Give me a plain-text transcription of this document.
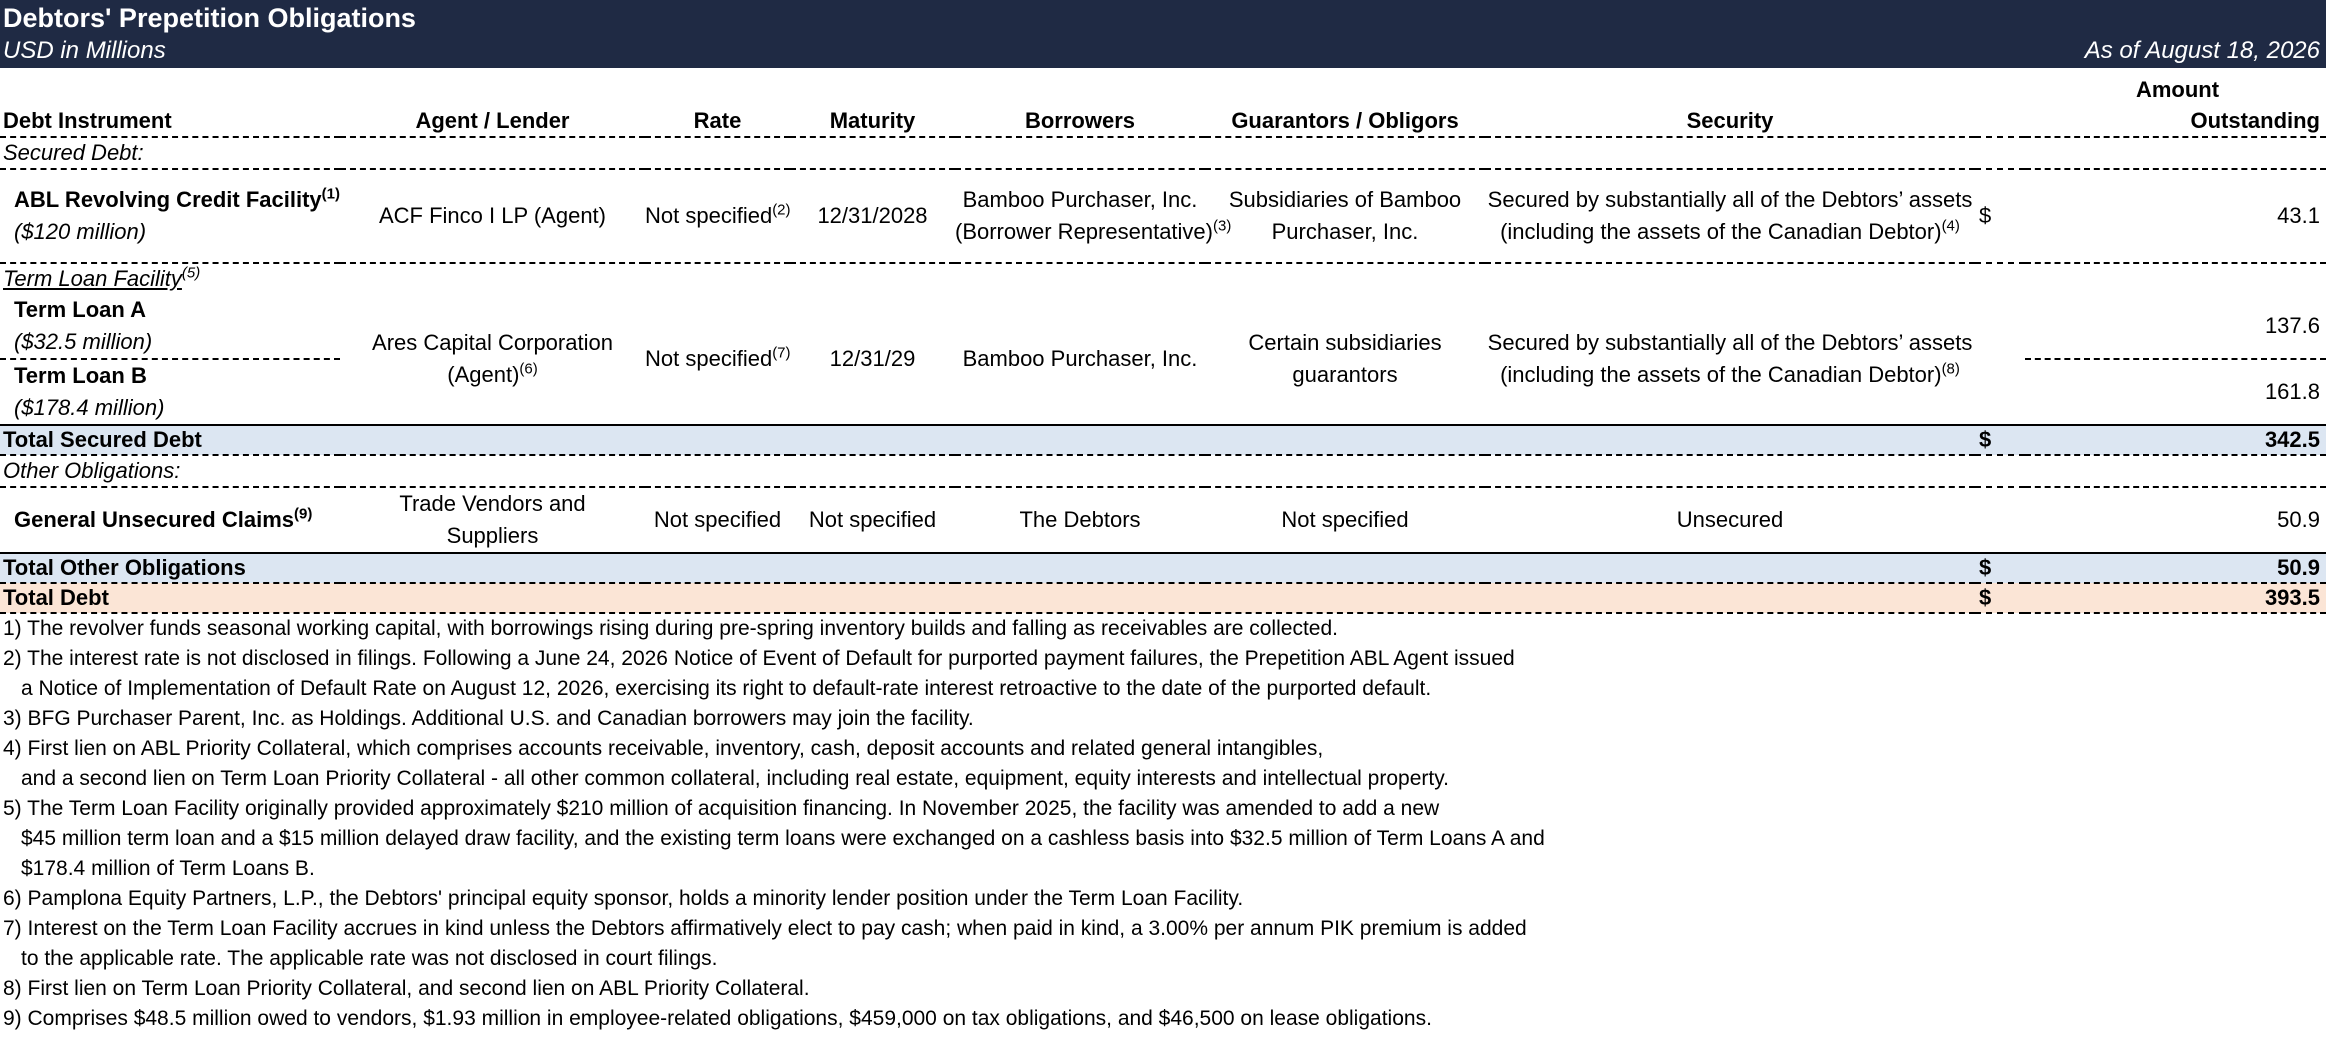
Debtors' Prepetition Obligations
USD in Millions	As of August 18, 2026
Debt Instrument	Agent / Lender	Rate	Maturity	Borrowers	Guarantors / Obligors	Security	Amount
Outstanding	

Secured Debt:								

ABL Revolving Credit Facility$^{(1)}$
($120 million)	ACF Finco I LP (Agent)	Not specified$^{(2)}$	12/31/2028	Bamboo Purchaser, Inc.
(Borrower Representative)$^{(3)}$	Subsidiaries of Bamboo
Purchaser, Inc.	Secured by substantially all of the Debtors’ assets
(including the assets of the Canadian Debtor)$^{(4)}$	$	43.1
Term Loan Facility$^{(5)}$

Term Loan A
($32.5 million)	Ares Capital Corporation
(Agent)$^{(6)}$	Not specified$^{(7)}$	12/31/29	Bamboo Purchaser, Inc.	Certain subsidiaries
guarantors	Secured by substantially all of the Debtors’ assets
(including the assets of the Canadian Debtor)$^{(8)}$		137.6

Term Loan B
($178.4 million)								161.8
Total Secured Debt							$	342.5
Other Obligations:								

General Unsecured Claims$^{(9)}$	Trade Vendors and
Suppliers	Not specified	Not specified	The Debtors	Not specified	Unsecured		50.9
Total Other Obligations							$	50.9
Total Debt							$	393.5

1) The revolver funds seasonal working capital, with borrowings rising during pre-spring inventory builds and falling as receivables are collected.

2) The interest rate is not disclosed in filings. Following a June 24, 2026 Notice of Event of Default for purported payment failures, the Prepetition ABL Agent issued

a Notice of Implementation of Default Rate on August 12, 2026, exercising its right to default-rate interest retroactive to the date of the purported default.

3) BFG Purchaser Parent, Inc. as Holdings. Additional U.S. and Canadian borrowers may join the facility.

4) First lien on ABL Priority Collateral, which comprises accounts receivable, inventory, cash, deposit accounts and related general intangibles,

and a second lien on Term Loan Priority Collateral - all other common collateral, including real estate, equipment, equity interests and intellectual property.

5) The Term Loan Facility originally provided approximately $210 million of acquisition financing. In November 2025, the facility was amended to add a new

$45 million term loan and a $15 million delayed draw facility, and the existing term loans were exchanged on a cashless basis into $32.5 million of Term Loans A and

$178.4 million of Term Loans B.

6) Pamplona Equity Partners, L.P., the Debtors' principal equity sponsor, holds a minority lender position under the Term Loan Facility.

7) Interest on the Term Loan Facility accrues in kind unless the Debtors affirmatively elect to pay cash; when paid in kind, a 3.00% per annum PIK premium is added

to the applicable rate. The applicable rate was not disclosed in court filings.

8) First lien on Term Loan Priority Collateral, and second lien on ABL Priority Collateral.

9) Comprises $48.5 million owed to vendors, $1.93 million in employee-related obligations, $459,000 on tax obligations, and $46,500 on lease obligations.
